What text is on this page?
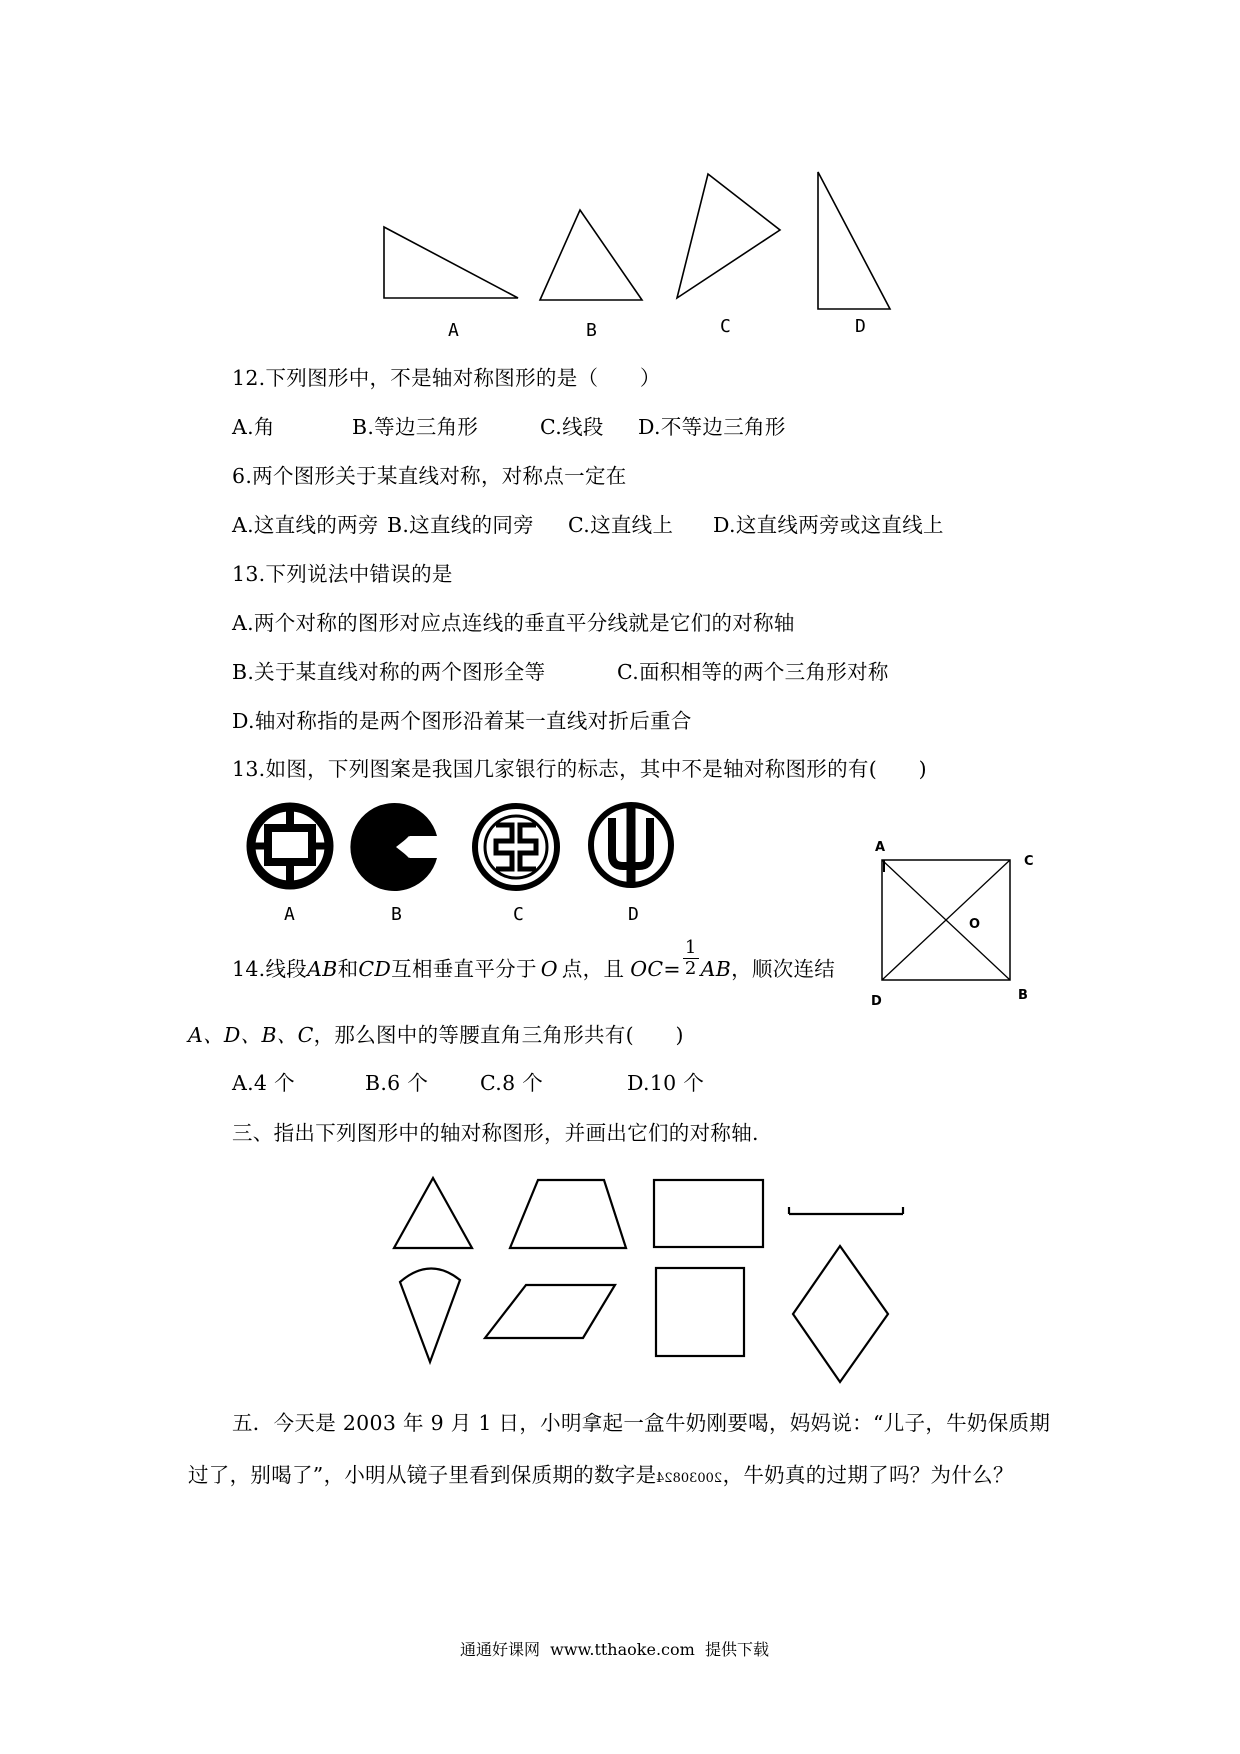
A	B	C	D
12.下列图形中，不是轴对称图形的是（　　）
A.角	B.等边三角形	C.线段 D.不等边三角形
6.两个图形关于某直线对称，对称点一定在
A.这直线的两旁 B.这直线的同旁 C.这直线上 D.这直线两旁或这直线上
13.下列说法中错误的是
A.两个对称的图形对应点连线的垂直平分线就是它们的对称轴
B.关于某直线对称的两个图形全等	C.面积相等的两个三角形对称
D.轴对称指的是两个图形沿着某一直线对折后重合
13.如图，下列图案是我国几家银行的标志，其中不是轴对称图形的有(　　)
A	B	C	D
A
C
O
D	B
14.线段AB和CD互相垂直平分于 O 点，且 $OC= \frac{1}{2}$ AB，顺次连结
A、D、B、C，那么图中的等腰直角三角形共有(　　)
A.4 个	B.6 个	C.8 个	D.10 个
三、指出下列图形中的轴对称图形，并画出它们的对称轴.
五．今天是 2003 年 9 月 1 日，小明拿起一盒牛奶刚要喝，妈妈说：“儿子，牛奶保质期
过了，别喝了”，小明从镜子里看到保质期的数字是20030824，牛奶真的过期了吗？为什么？
通通好课网  www.tthaoke.com  提供下载
